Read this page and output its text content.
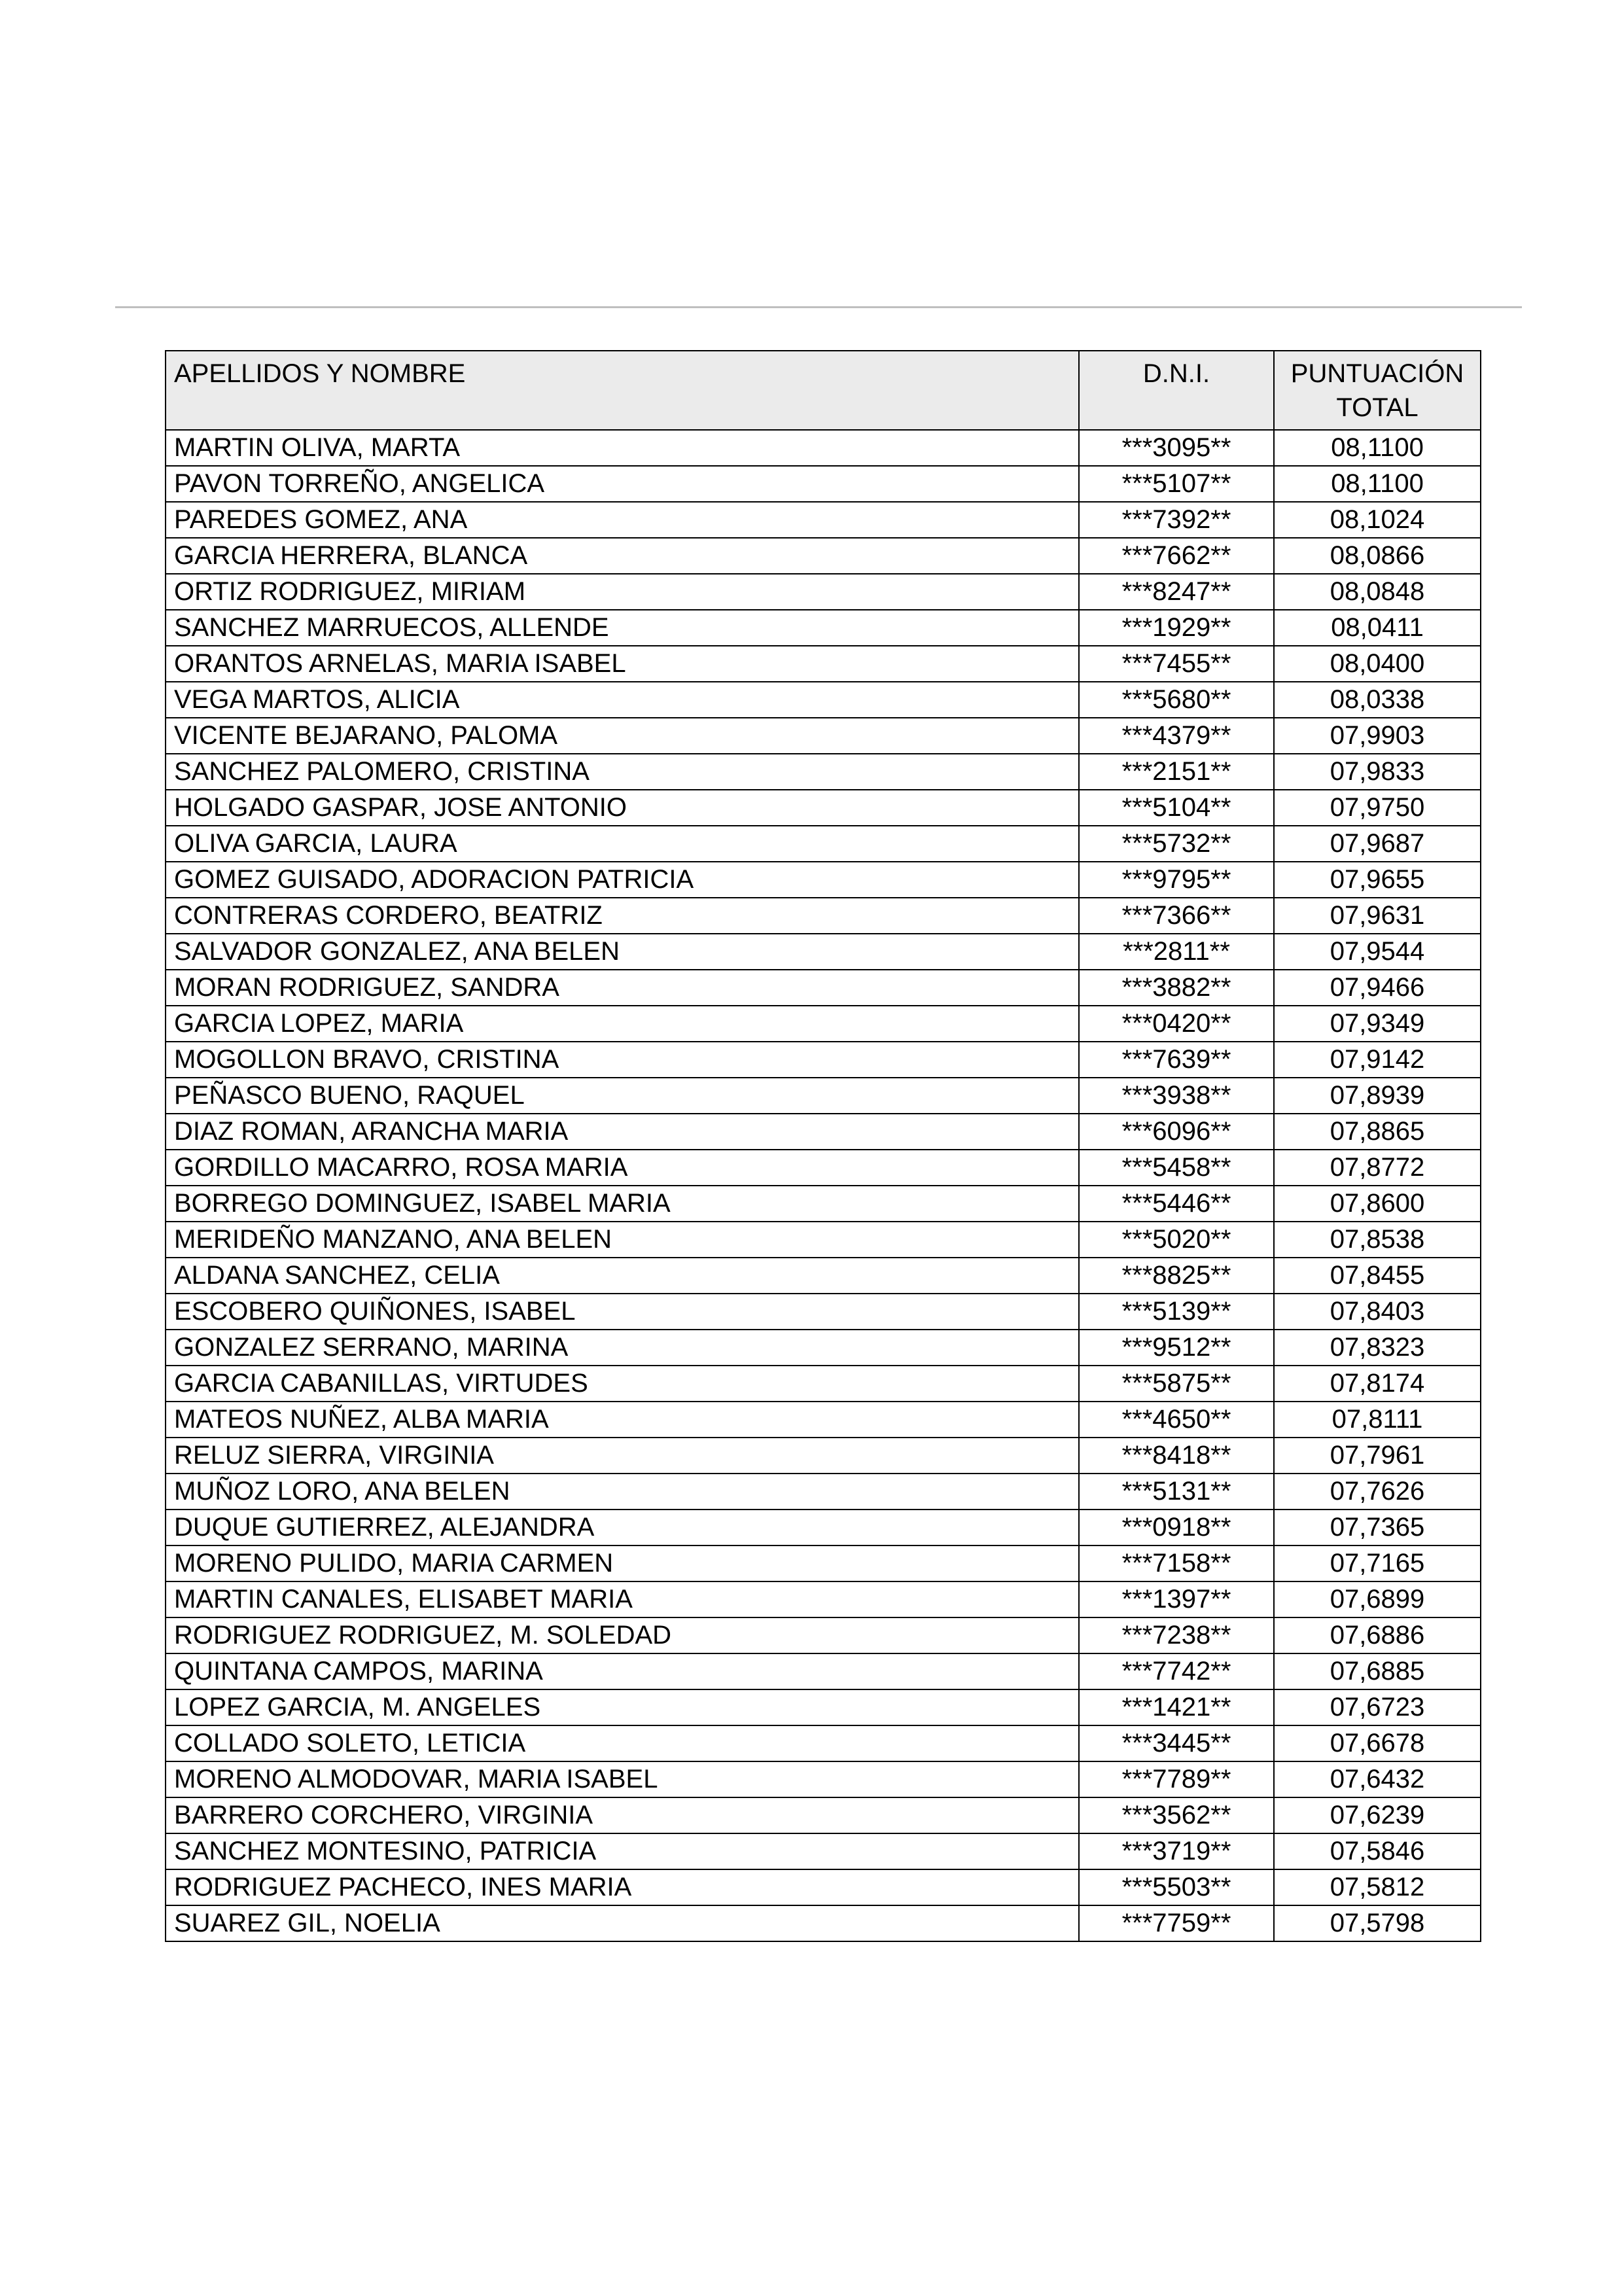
APELLIDOS Y NOMBRE	D.N.I.	PUNTUACIÓN TOTAL
MARTIN OLIVA, MARTA	***3095**	08,1100
PAVON TORREÑO, ANGELICA	***5107**	08,1100
PAREDES GOMEZ, ANA	***7392**	08,1024
GARCIA HERRERA, BLANCA	***7662**	08,0866
ORTIZ RODRIGUEZ, MIRIAM	***8247**	08,0848
SANCHEZ MARRUECOS, ALLENDE	***1929**	08,0411
ORANTOS ARNELAS, MARIA ISABEL	***7455**	08,0400
VEGA MARTOS, ALICIA	***5680**	08,0338
VICENTE BEJARANO, PALOMA	***4379**	07,9903
SANCHEZ PALOMERO, CRISTINA	***2151**	07,9833
HOLGADO GASPAR, JOSE ANTONIO	***5104**	07,9750
OLIVA GARCIA, LAURA	***5732**	07,9687
GOMEZ GUISADO, ADORACION PATRICIA	***9795**	07,9655
CONTRERAS CORDERO, BEATRIZ	***7366**	07,9631
SALVADOR GONZALEZ, ANA BELEN	***2811**	07,9544
MORAN RODRIGUEZ, SANDRA	***3882**	07,9466
GARCIA LOPEZ, MARIA	***0420**	07,9349
MOGOLLON BRAVO, CRISTINA	***7639**	07,9142
PEÑASCO BUENO, RAQUEL	***3938**	07,8939
DIAZ ROMAN, ARANCHA MARIA	***6096**	07,8865
GORDILLO MACARRO, ROSA MARIA	***5458**	07,8772
BORREGO DOMINGUEZ, ISABEL MARIA	***5446**	07,8600
MERIDEÑO MANZANO, ANA BELEN	***5020**	07,8538
ALDANA SANCHEZ, CELIA	***8825**	07,8455
ESCOBERO QUIÑONES, ISABEL	***5139**	07,8403
GONZALEZ SERRANO, MARINA	***9512**	07,8323
GARCIA CABANILLAS, VIRTUDES	***5875**	07,8174
MATEOS NUÑEZ, ALBA MARIA	***4650**	07,8111
RELUZ SIERRA, VIRGINIA	***8418**	07,7961
MUÑOZ LORO, ANA BELEN	***5131**	07,7626
DUQUE GUTIERREZ, ALEJANDRA	***0918**	07,7365
MORENO PULIDO, MARIA CARMEN	***7158**	07,7165
MARTIN CANALES, ELISABET MARIA	***1397**	07,6899
RODRIGUEZ RODRIGUEZ, M. SOLEDAD	***7238**	07,6886
QUINTANA CAMPOS, MARINA	***7742**	07,6885
LOPEZ GARCIA, M. ANGELES	***1421**	07,6723
COLLADO SOLETO, LETICIA	***3445**	07,6678
MORENO ALMODOVAR, MARIA ISABEL	***7789**	07,6432
BARRERO CORCHERO, VIRGINIA	***3562**	07,6239
SANCHEZ MONTESINO, PATRICIA	***3719**	07,5846
RODRIGUEZ PACHECO, INES MARIA	***5503**	07,5812
SUAREZ GIL, NOELIA	***7759**	07,5798
